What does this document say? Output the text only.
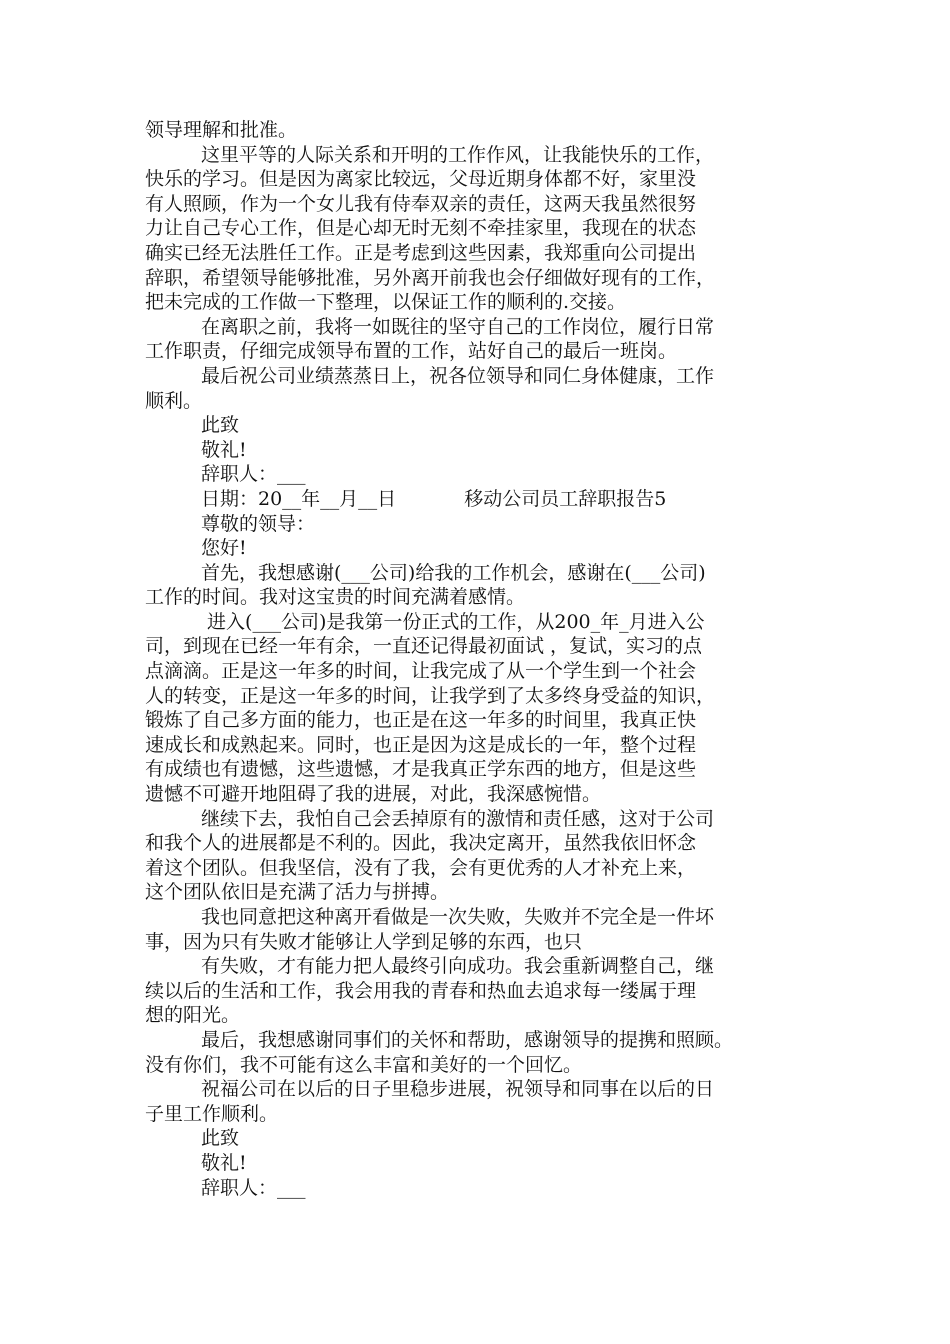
领导理解和批准。
这里平等的人际关系和开明的工作作风，让我能快乐的工作，
快乐的学习。但是因为离家比较远，父母近期身体都不好，家里没
有人照顾，作为一个女儿我有侍奉双亲的责任，这两天我虽然很努
力让自己专心工作，但是心却无时无刻不牵挂家里，我现在的状态
确实已经无法胜任工作。正是考虑到这些因素，我郑重向公司提出
辞职，希望领导能够批准，另外离开前我也会仔细做好现有的工作，
把未完成的工作做一下整理，以保证工作的顺利的.交接。
在离职之前，我将一如既往的坚守自己的工作岗位，履行日常
工作职责，仔细完成领导布置的工作，站好自己的最后一班岗。
最后祝公司业绩蒸蒸日上，祝各位领导和同仁身体健康，工作
顺利。
此致
敬礼!
辞职人：___
日期：20__年__月__日	移动公司员工辞职报告5
尊敬的领导：
您好!
首先，我想感谢(___公司)给我的工作机会，感谢在(___公司)
工作的时间。我对这宝贵的时间充满着感情。
进入(___公司)是我第一份正式的工作，从200_年_月进入公
司，到现在已经一年有余，一直还记得最初面试 ，复试，实习的点
点滴滴。正是这一年多的时间，让我完成了从一个学生到一个社会
人的转变，正是这一年多的时间，让我学到了太多终身受益的知识，
锻炼了自己多方面的能力，也正是在这一年多的时间里，我真正快
速成长和成熟起来。同时，也正是因为这是成长的一年，整个过程
有成绩也有遗憾，这些遗憾，才是我真正学东西的地方，但是这些
遗憾不可避开地阻碍了我的进展，对此，我深感惋惜。
继续下去，我怕自己会丢掉原有的激情和责任感，这对于公司
和我个人的进展都是不利的。因此，我决定离开，虽然我依旧怀念
着这个团队。但我坚信，没有了我，会有更优秀的人才补充上来，
这个团队依旧是充满了活力与拼搏。
我也同意把这种离开看做是一次失败，失败并不完全是一件坏
事，因为只有失败才能够让人学到足够的东西，也只
有失败，才有能力把人最终引向成功。我会重新调整自己，继
续以后的生活和工作，我会用我的青春和热血去追求每一缕属于理
想的阳光。
最后，我想感谢同事们的关怀和帮助，感谢领导的提携和照顾。
没有你们，我不可能有这么丰富和美好的一个回忆。
祝福公司在以后的日子里稳步进展，祝领导和同事在以后的日
子里工作顺利。
此致
敬礼!
辞职人：___
